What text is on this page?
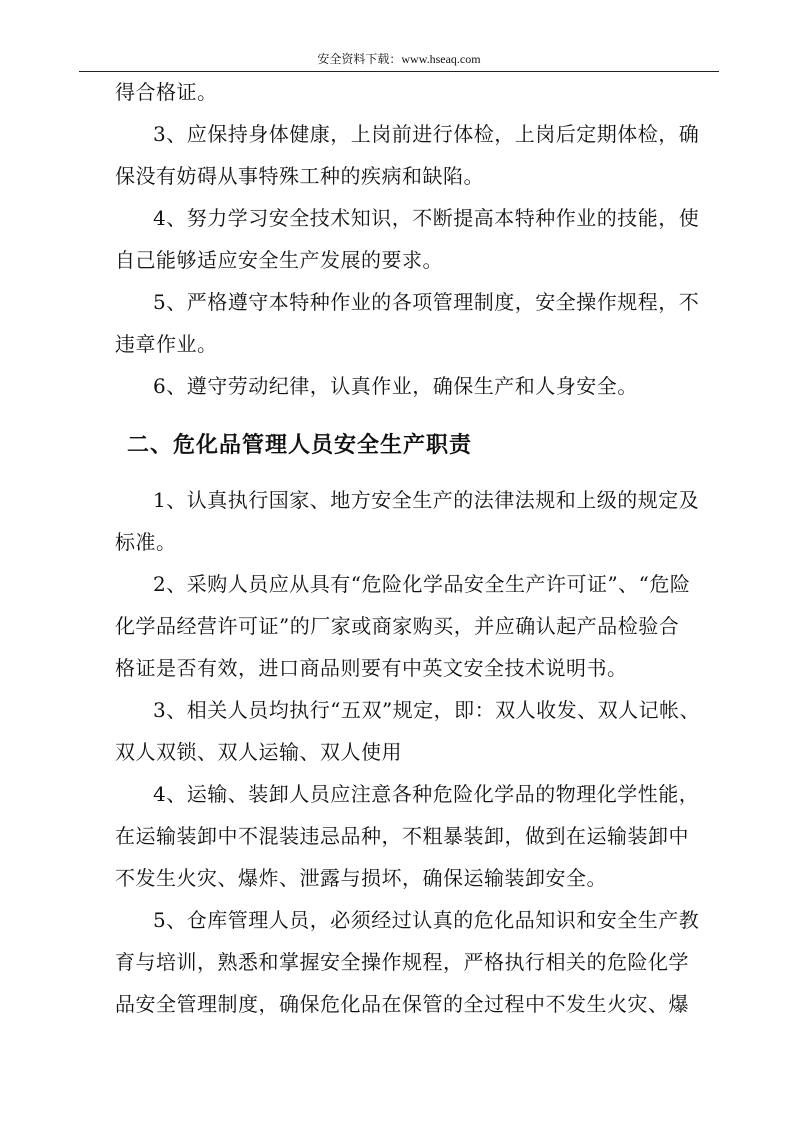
安全资料下载：www.hseaq.com
得合格证。
3、应保持身体健康，上岗前进行体检，上岗后定期体检，确
保没有妨碍从事特殊工种的疾病和缺陷。
4、努力学习安全技术知识，不断提高本特种作业的技能，使
自己能够适应安全生产发展的要求。
5、严格遵守本特种作业的各项管理制度，安全操作规程，不
违章作业。
6、遵守劳动纪律，认真作业，确保生产和人身安全。
二、危化品管理人员安全生产职责
1、认真执行国家、地方安全生产的法律法规和上级的规定及
标准。
2、采购人员应从具有“危险化学品安全生产许可证”、“危险
化学品经营许可证”的厂家或商家购买，并应确认起产品检验合
格证是否有效，进口商品则要有中英文安全技术说明书。
3、相关人员均执行“五双”规定，即：双人收发、双人记帐、
双人双锁、双人运输、双人使用
4、运输、装卸人员应注意各种危险化学品的物理化学性能，
在运输装卸中不混装违忌品种，不粗暴装卸，做到在运输装卸中
不发生火灾、爆炸、泄露与损坏，确保运输装卸安全。
5、仓库管理人员，必须经过认真的危化品知识和安全生产教
育与培训，熟悉和掌握安全操作规程，严格执行相关的危险化学
品安全管理制度，确保危化品在保管的全过程中不发生火灾、爆
